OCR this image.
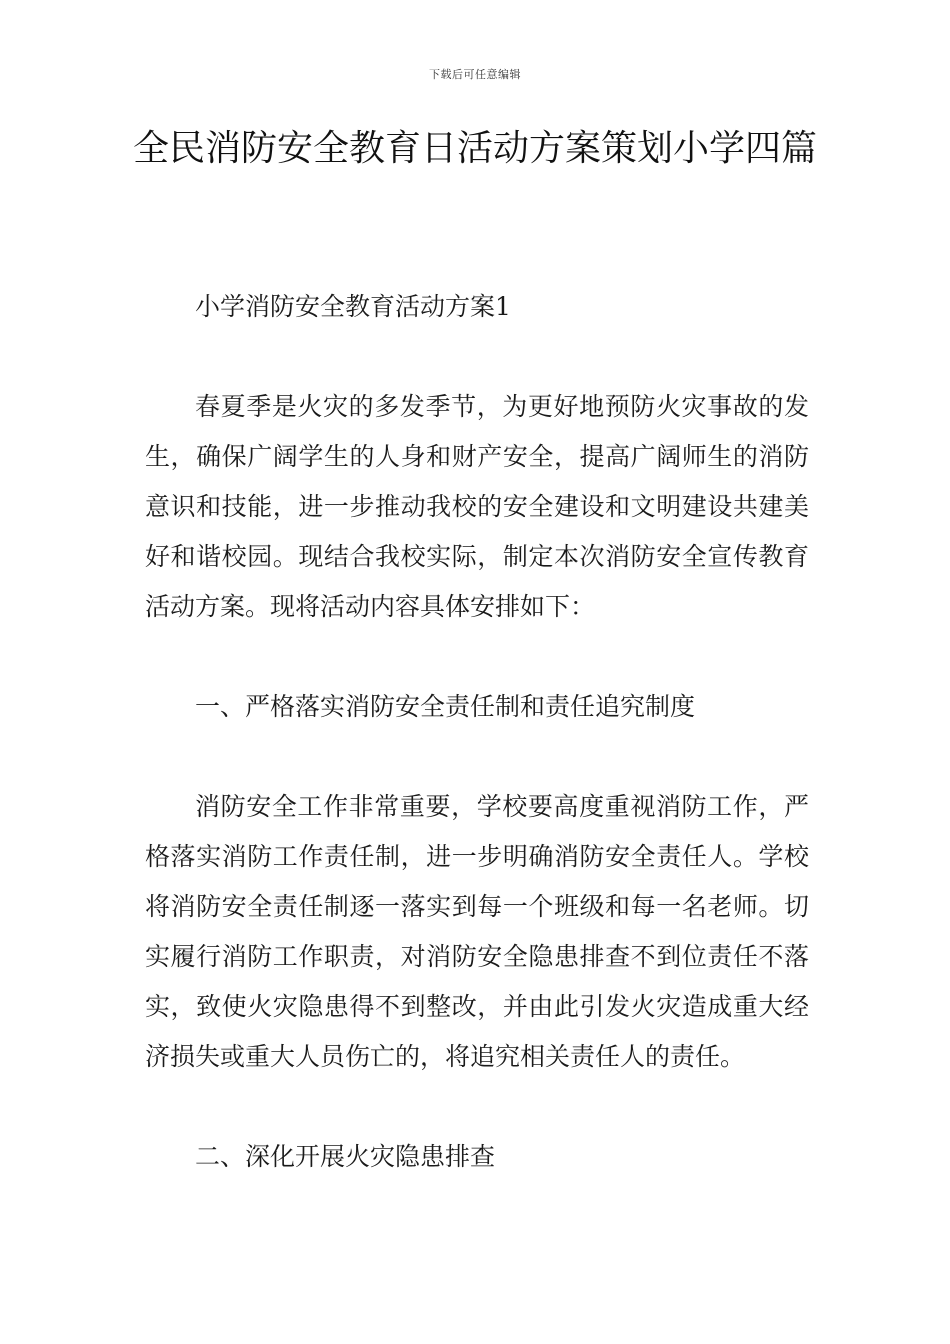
下载后可任意编辑
全民消防安全教育日活动方案策划小学四篇

小学消防安全教育活动方案1

春夏季是火灾的多发季节，为更好地预防火灾事故的发生，确保广阔学生的人身和财产安全，提高广阔师生的消防意识和技能，进一步推动我校的安全建设和文明建设共建美好和谐校园。现结合我校实际，制定本次消防安全宣传教育活动方案。现将活动内容具体安排如下：

一、严格落实消防安全责任制和责任追究制度

消防安全工作非常重要，学校要高度重视消防工作，严格落实消防工作责任制，进一步明确消防安全责任人。学校将消防安全责任制逐一落实到每一个班级和每一名老师。切实履行消防工作职责，对消防安全隐患排查不到位责任不落实，致使火灾隐患得不到整改，并由此引发火灾造成重大经济损失或重大人员伤亡的，将追究相关责任人的责任。

二、深化开展火灾隐患排查
